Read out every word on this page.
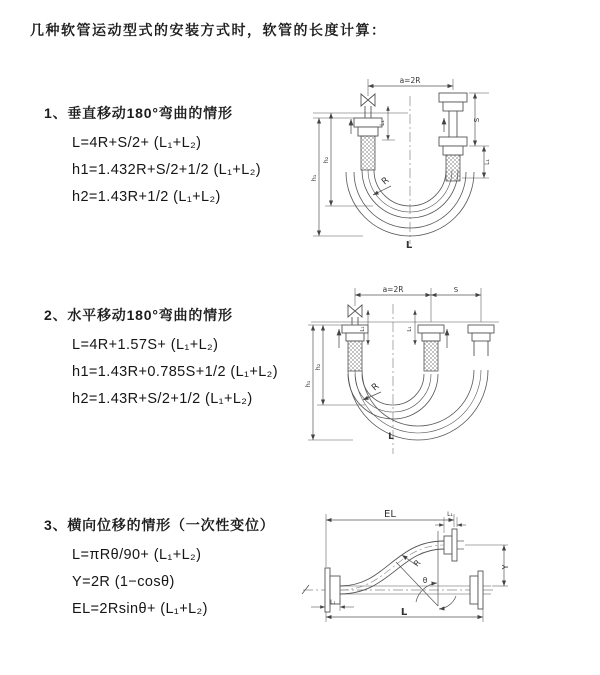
几种软管运动型式的安装方式时，软管的长度计算：

1、垂直移动180°弯曲的情形

L=4R+S/2+ (L₁+L₂)

h1=1.432R+S/2+1/2 (L₁+L₂)

h2=1.43R+1/2 (L₁+L₂)

2、水平移动180°弯曲的情形

L=4R+1.57S+ (L₁+L₂)

h1=1.43R+0.785S+1/2 (L₁+L₂)

h2=1.43R+S/2+1/2 (L₁+L₂)

3、横向位移的情形（一次性变位）

L=πRθ/90+ (L₁+L₂)

Y=2R (1−cosθ)

EL=2Rsinθ+ (L₁+L₂)

a=2R
S
L₁
L₁
h₁
h₂
R
L
a=2R	S
L₁	L₁
h₁
h₂
R
L
EL	L₁
Y
L
L₁
R
θ
